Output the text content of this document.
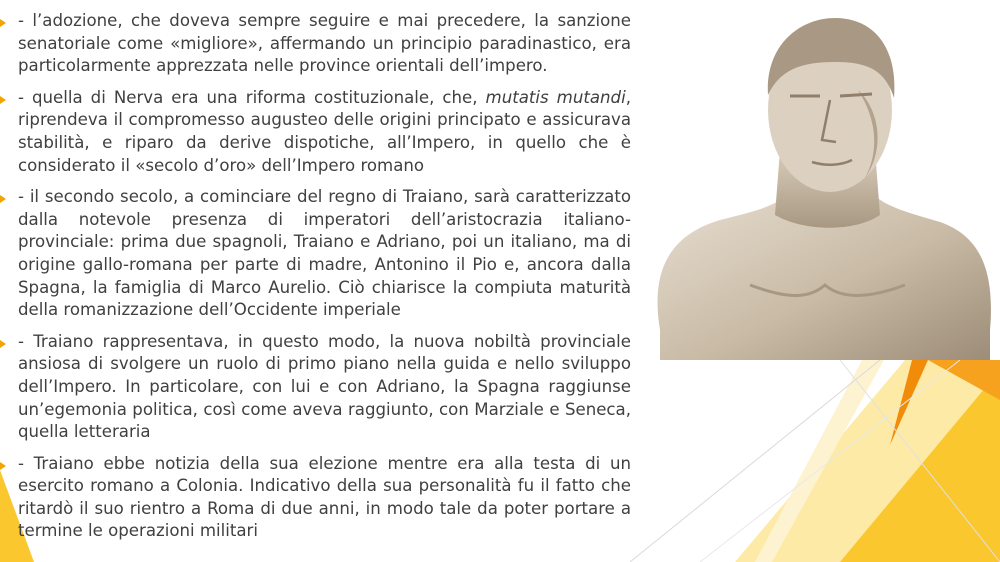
- l’adozione, che doveva sempre seguire e mai precedere, la sanzione senatoriale come «migliore», affermando un principio paradinastico, era particolarmente apprezzata nelle province orientali dell’impero.

- quella di Nerva era una riforma costituzionale, che, mutatis mutandi, riprendeva il compromesso augusteo delle origini principato e assicurava stabilità, e riparo da derive dispotiche, all’Impero, in quello che è considerato il «secolo d’oro» dell’Impero romano

- il secondo secolo, a cominciare del regno di Traiano, sarà caratterizzato dalla notevole presenza di imperatori dell’aristocrazia italiano-provinciale: prima due spagnoli, Traiano e Adriano, poi un italiano, ma di origine gallo-romana per parte di madre, Antonino il Pio e, ancora dalla Spagna, la famiglia di Marco Aurelio. Ciò chiarisce la compiuta maturità della romanizzazione dell’Occidente imperiale

- Traiano rappresentava, in questo modo, la nuova nobiltà provinciale ansiosa di svolgere un ruolo di primo piano nella guida e nello sviluppo dell’Impero. In particolare, con lui e con Adriano, la Spagna raggiunse un’egemonia politica, così come aveva raggiunto, con Marziale e Seneca, quella letteraria

- Traiano ebbe notizia della sua elezione mentre era alla testa di un esercito romano a Colonia. Indicativo della sua personalità fu il fatto che ritardò il suo rientro a Roma di due anni, in modo tale da poter portare a termine le operazioni militari
